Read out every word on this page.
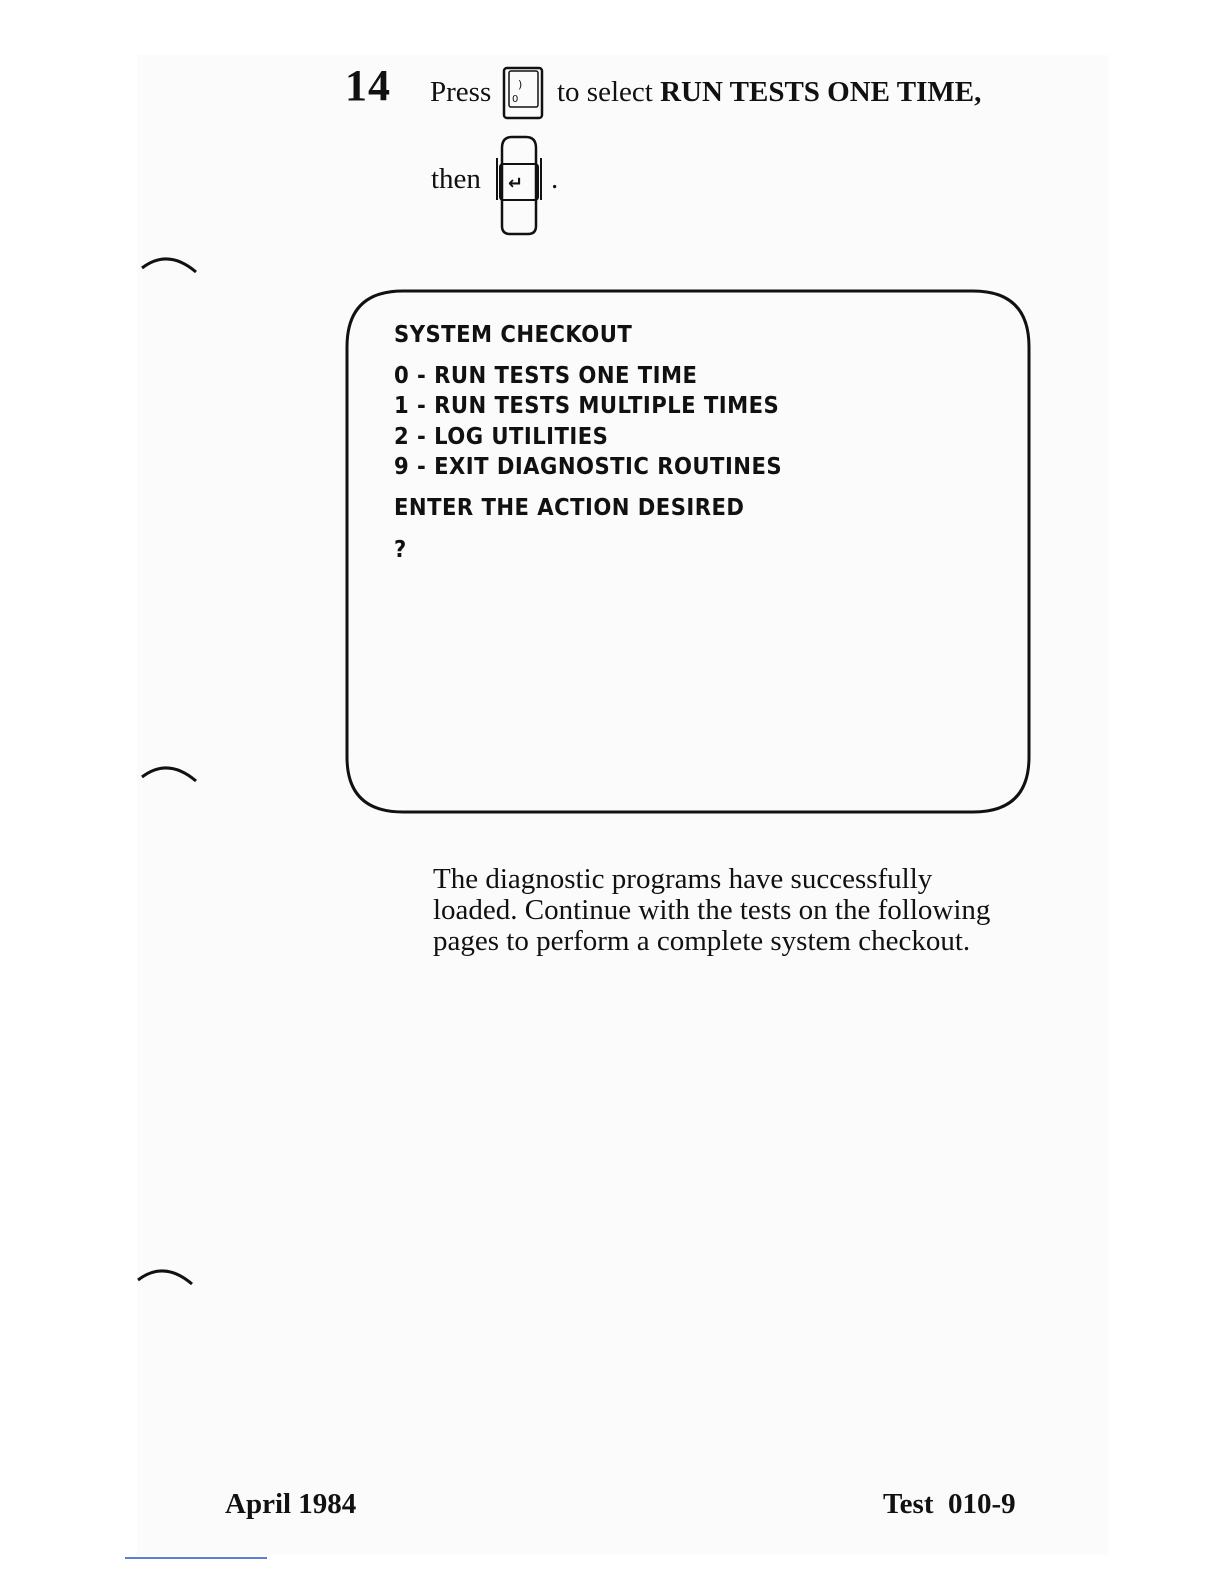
14 Press )
0 to select RUN TESTS ONE TIME,
then ↵ .
SYSTEM CHECKOUT
0 - RUN TESTS ONE TIME
1 - RUN TESTS MULTIPLE TIMES
2 - LOG UTILITIES
9 - EXIT DIAGNOSTIC ROUTINES
ENTER THE ACTION DESIRED
?

The diagnostic programs have successfully

loaded. Continue with the tests on the following

pages to perform a complete system checkout.

April 1984	Test  010-9
